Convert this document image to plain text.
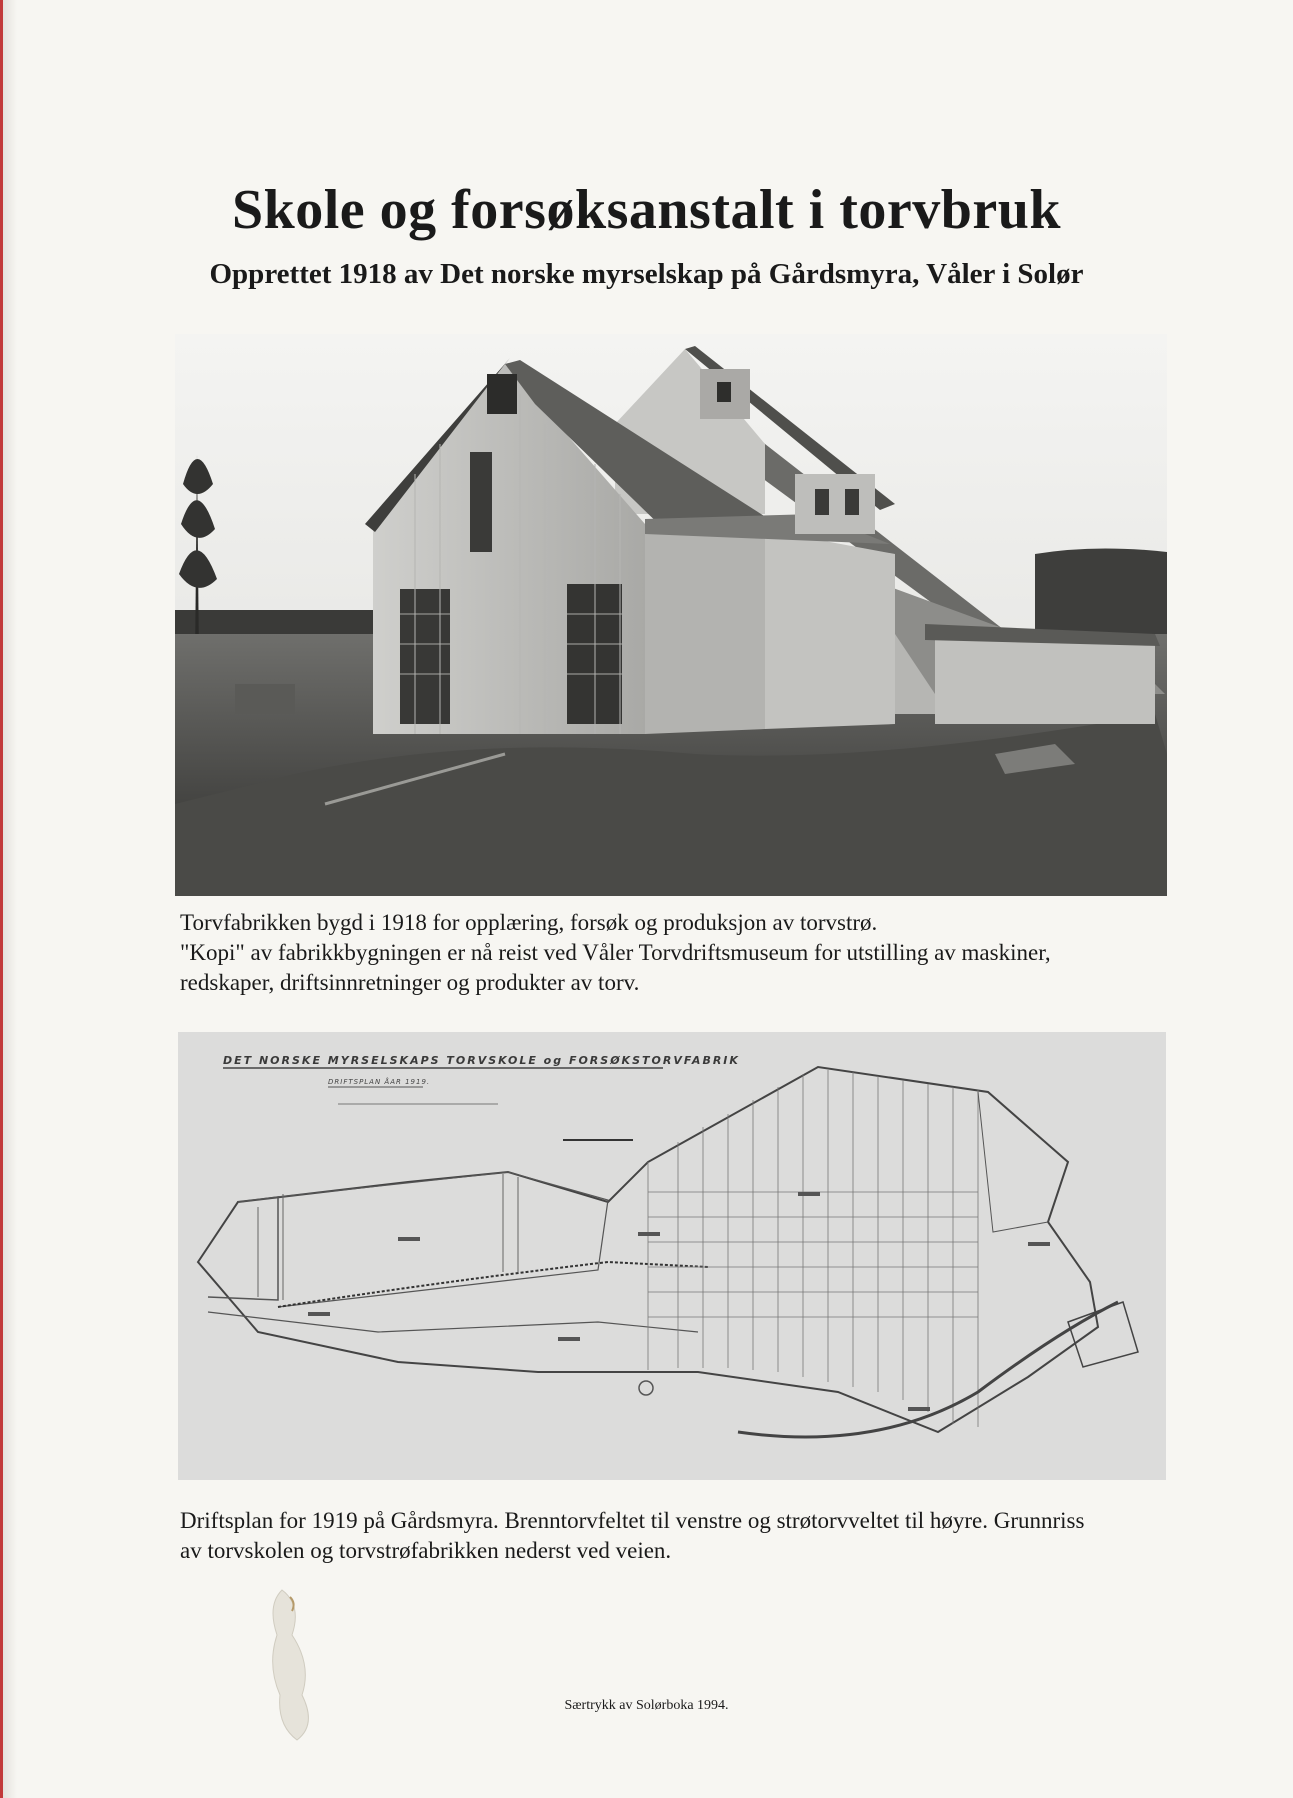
Skole og forsøksanstalt i torvbruk
Opprettet 1918 av Det norske myrselskap på Gårdsmyra, Våler i Solør

Torvfabrikken bygd i 1918 for opplæring, forsøk og produksjon av torvstrø.
"Kopi" av fabrikkbygningen er nå reist ved Våler Torvdriftsmuseum for utstilling av maskiner,
redskaper, driftsinnretninger og produkter av torv.

DET NORSKE MYRSELSKAPS TORVSKOLE og FORSØKSTORVFABRIK
DRIFTSPLAN ÅAR 1919.

Driftsplan for 1919 på Gårdsmyra. Brenntorvfeltet til venstre og strøtorvveltet til høyre. Grunnriss
av torvskolen og torvstrøfabrikken nederst ved veien.

Særtrykk av Solørboka 1994.
